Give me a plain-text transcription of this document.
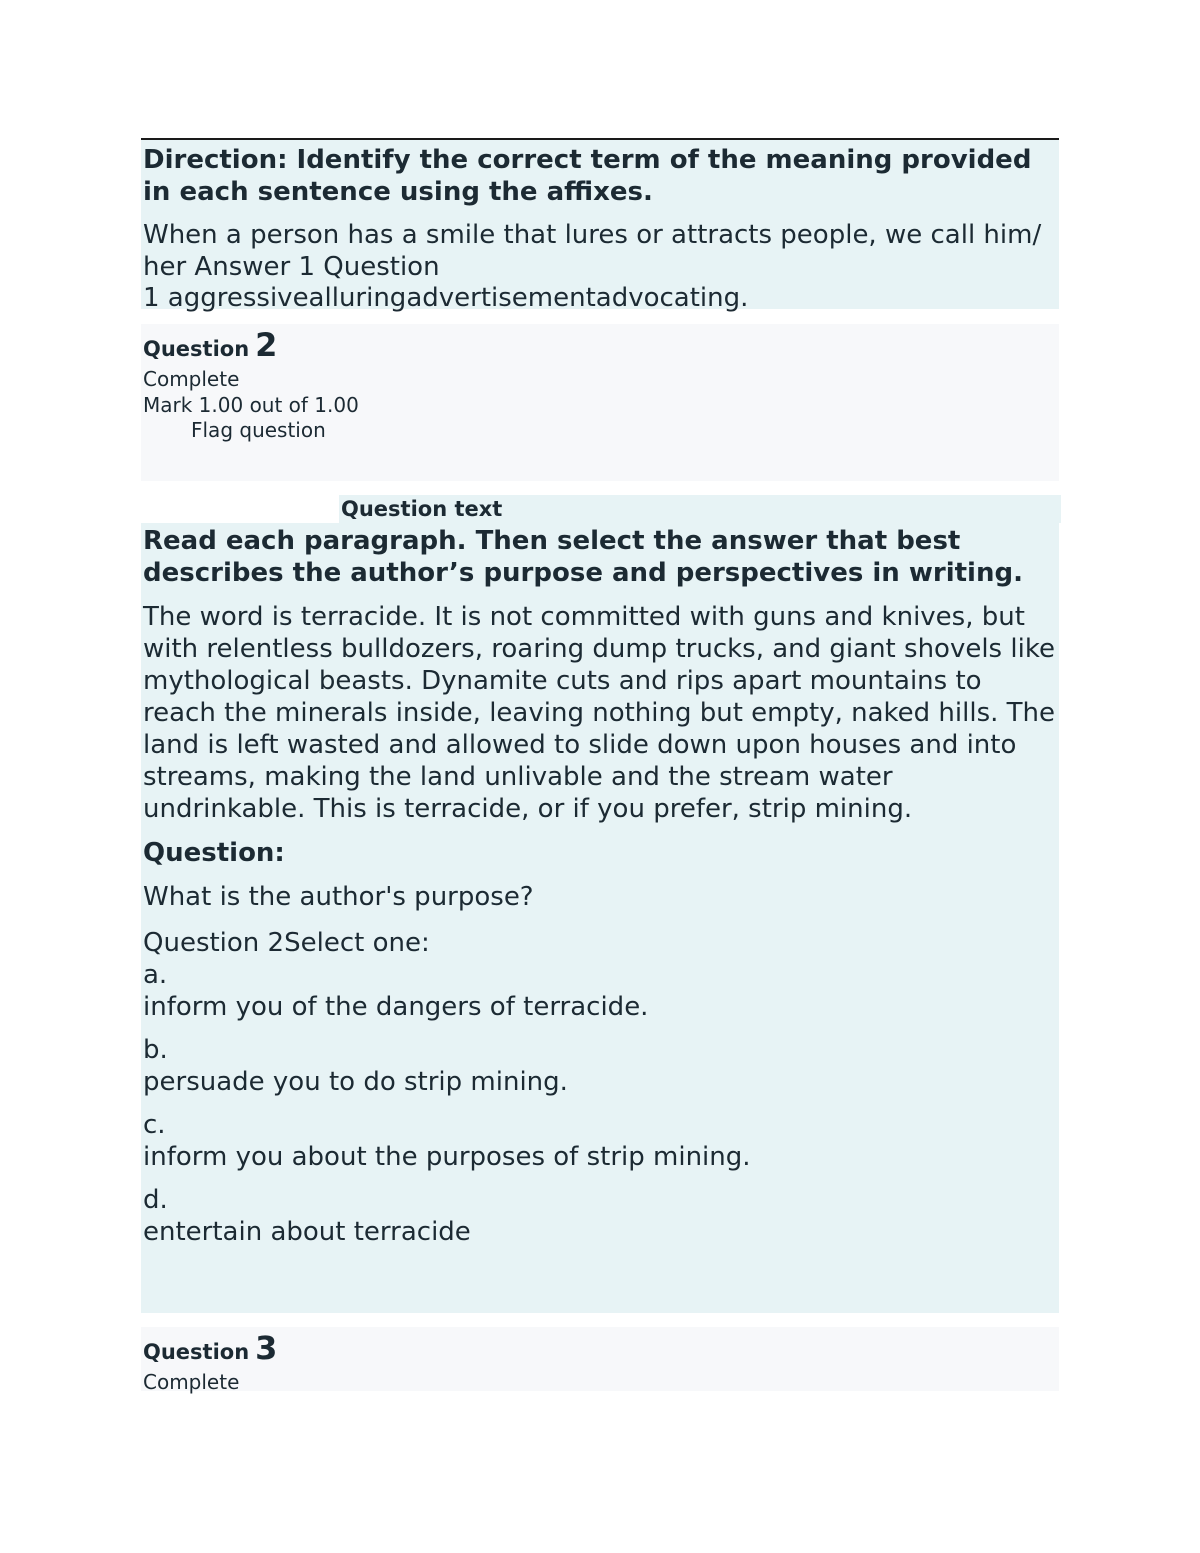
Direction: Identify the correct term of the meaning provided in each sentence using the affixes.

When a person has a smile that lures or attracts people, we call him/ her Answer 1 Question
1 aggressivealluringadvertisementadvocating.

Question 2
Complete
Mark 1.00 out of 1.00
Flag question
Question text

Read each paragraph. Then select the answer that best describes the author’s purpose and perspectives in writing.

The word is terracide. It is not committed with guns and knives, but with relentless bulldozers, roaring dump trucks, and giant shovels like mythological beasts. Dynamite cuts and rips apart mountains to reach the minerals inside, leaving nothing but empty, naked hills. The land is left wasted and allowed to slide down upon houses and into streams, making the land unlivable and the stream water undrinkable. This is terracide, or if you prefer, strip mining.

Question:

What is the author's purpose?

Question 2Select one:

a.

inform you of the dangers of terracide.

b.

persuade you to do strip mining.

c.

inform you about the purposes of strip mining.

d.

entertain about terracide

Question 3
Complete
